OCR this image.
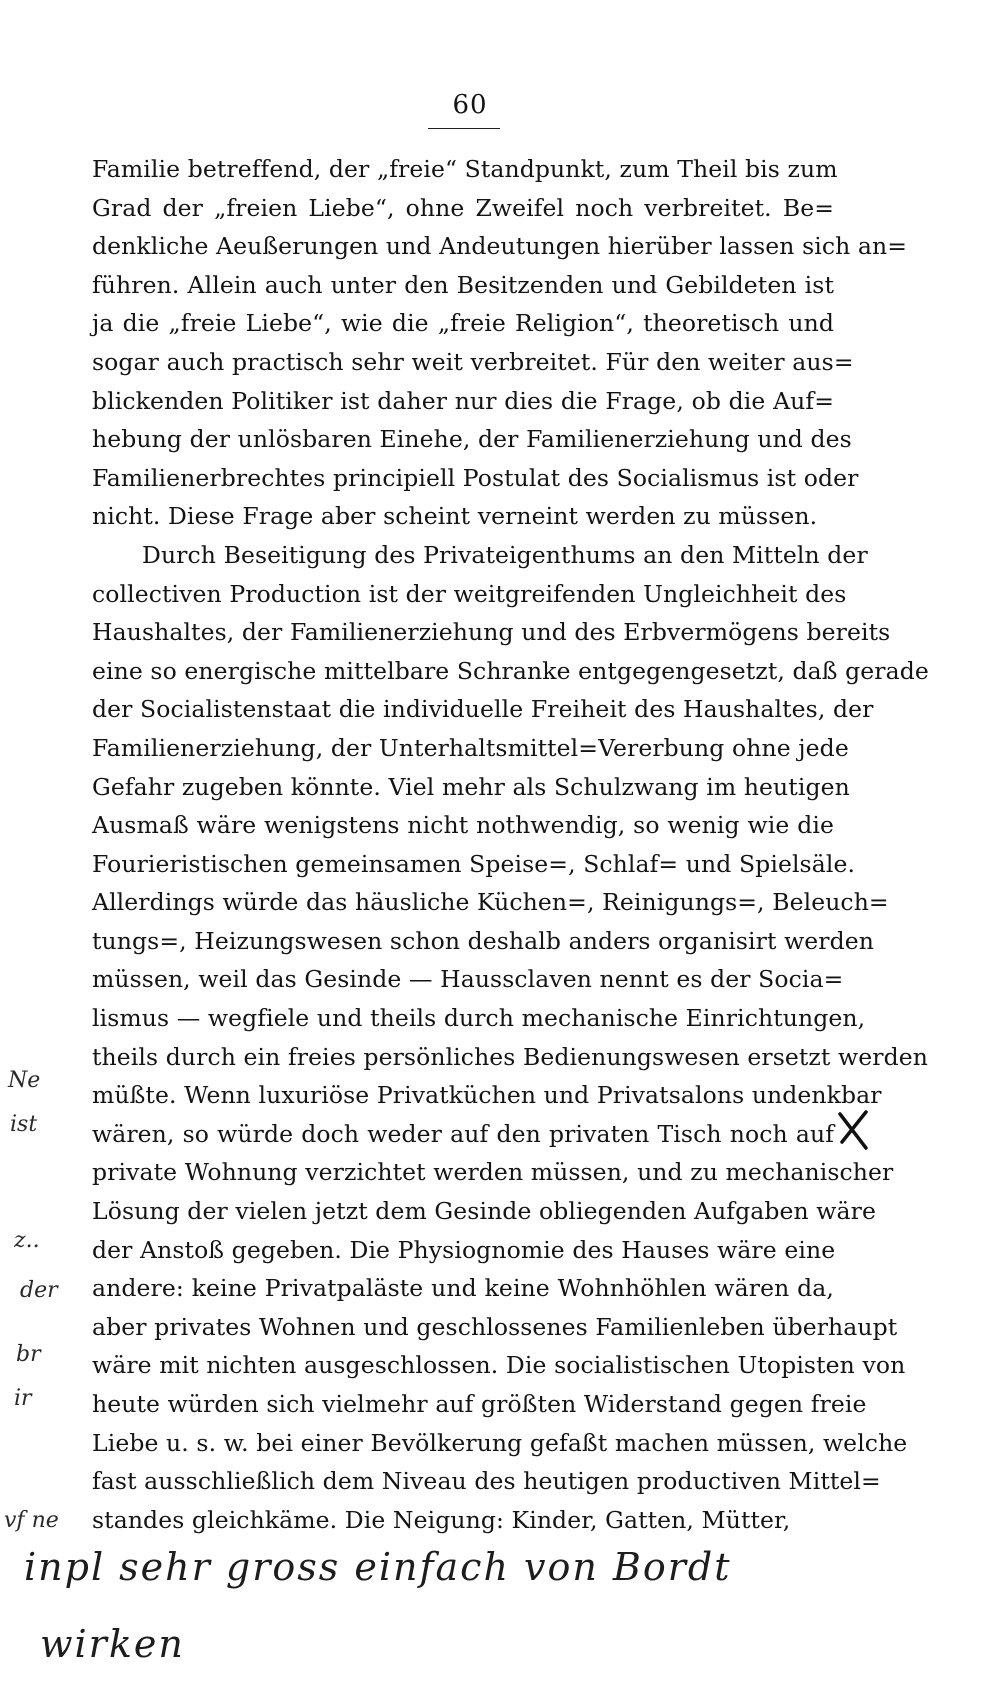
60
Familie betreffend, der „freie“ Standpunkt, zum Theil bis zum
Grad der „freien Liebe“, ohne Zweifel noch verbreitet. Be=
denkliche Aeußerungen und Andeutungen hierüber lassen sich an=
führen. Allein auch unter den Besitzenden und Gebildeten ist
ja die „freie Liebe“, wie die „freie Religion“, theoretisch und
sogar auch practisch sehr weit verbreitet. Für den weiter aus=
blickenden Politiker ist daher nur dies die Frage, ob die Auf=
hebung der unlösbaren Einehe, der Familienerziehung und des
Familienerbrechtes principiell Postulat des Socialismus ist oder
nicht. Diese Frage aber scheint verneint werden zu müssen.
Durch Beseitigung des Privateigenthums an den Mitteln der
collectiven Production ist der weitgreifenden Ungleichheit des
Haushaltes, der Familienerziehung und des Erbvermögens bereits
eine so energische mittelbare Schranke entgegengesetzt, daß gerade
der Socialistenstaat die individuelle Freiheit des Haushaltes, der
Familienerziehung, der Unterhaltsmittel=Vererbung ohne jede
Gefahr zugeben könnte. Viel mehr als Schulzwang im heutigen
Ausmaß wäre wenigstens nicht nothwendig, so wenig wie die
Fourieristischen gemeinsamen Speise=, Schlaf= und Spielsäle.
Allerdings würde das häusliche Küchen=, Reinigungs=, Beleuch=
tungs=, Heizungswesen schon deshalb anders organisirt werden
müssen, weil das Gesinde — Haussclaven nennt es der Socia=
lismus — wegfiele und theils durch mechanische Einrichtungen,
theils durch ein freies persönliches Bedienungswesen ersetzt werden
müßte. Wenn luxuriöse Privatküchen und Privatsalons undenkbar
wären, so würde doch weder auf den privaten Tisch noch auf
private Wohnung verzichtet werden müssen, und zu mechanischer
Lösung der vielen jetzt dem Gesinde obliegenden Aufgaben wäre
der Anstoß gegeben. Die Physiognomie des Hauses wäre eine
andere: keine Privatpaläste und keine Wohnhöhlen wären da,
aber privates Wohnen und geschlossenes Familienleben überhaupt
wäre mit nichten ausgeschlossen. Die socialistischen Utopisten von
heute würden sich vielmehr auf größten Widerstand gegen freie
Liebe u. s. w. bei einer Bevölkerung gefaßt machen müssen, welche
fast ausschließlich dem Niveau des heutigen productiven Mittel=
standes gleichkäme. Die Neigung: Kinder, Gatten, Mütter,
Ne
ist
z..
der
br
ir
vf ne
inpl sehr gross einfach von Bordt
wirken
